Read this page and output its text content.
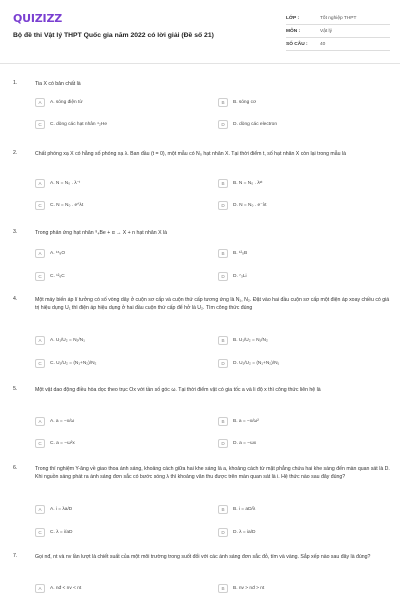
QUIZIZZ
Bộ đề thi Vật lý THPT Quốc gia năm 2022 có lời giải (Đề số 21)
LỚP :	Tốt nghiệp THPT
MÔN :	Vật lý
SỐ CÂU :	40
1.	Tia X có bản chất là
A	A. sóng điện từ	B	B. sóng cơ
C	C. dòng các hạt nhân ⁴₂He	D	D. dòng các electron
2.	Chất phóng xạ X có hằng số phóng xạ λ. Ban đầu (t = 0), một mẫu có N₀ hạt nhân X. Tại thời điểm t, số hạt nhân X còn lại trong mẫu là
A	A. N = N₀ . λ⁻ᵗ	B	B. N = N₀ . λᵉᵗ
C	C. N = N₀ . e^λt	D	D. N = N₀ . e⁻λt
3.	Trong phản ứng hạt nhân ⁹₄Be + α → X + n hạt nhân X là
A	A. ¹⁶₈O	B	B. ¹²₅B
C	C. ¹²₆C	D	D. ⁷₃Li
4.	Một máy biến áp lí tưởng có số vòng dây ở cuộn sơ cấp và cuộn thứ cấp tương ứng là N₁, N₂. Đặt vào hai đầu cuộn sơ cấp một điện áp xoay chiều có giá trị hiệu dụng U₁ thì điện áp hiệu dụng ở hai đầu cuộn thứ cấp để hở là U₂. Tìm công thức đúng
A	A. U₁/U₂ = N₂/N₁	B	B. U₁/U₂ = N₁/N₂
C	C. U₁/U₂ = (N₁+N₂)/N₂	D	D. U₁/U₂ = (N₁+N₂)/N₁
5.	Một vật dao động điều hòa dọc theo trục Ox với tần số góc ω. Tại thời điểm vật có gia tốc a và li độ x thì công thức liên hệ là
A	A. a = −x/ω	B	B. a = −x/ω²
C	C. a = −ω²x	D	D. a = −ωx
6.	Trong thí nghiệm Y-âng về giao thoa ánh sáng, khoảng cách giữa hai khe sáng là a, khoảng cách từ mặt phẳng chứa hai khe sáng đến màn quan sát là D. Khi nguồn sáng phát ra ánh sáng đơn sắc có bước sóng λ thì khoảng vân thu được trên màn quan sát là i. Hệ thức nào sau đây đúng?
A	A. i = λa/D	B	B. i = aD/λ
C	C. λ = i/aD	D	D. λ = ia/D
7.	Gọi nđ, nt và nv lần lượt là chiết suất của một môi trường trong suốt đối với các ánh sáng đơn sắc đỏ, tím và vàng. Sắp xếp nào sau đây là đúng?
A	A. nđ < nv < nt	B	B. nv > nđ > nt
